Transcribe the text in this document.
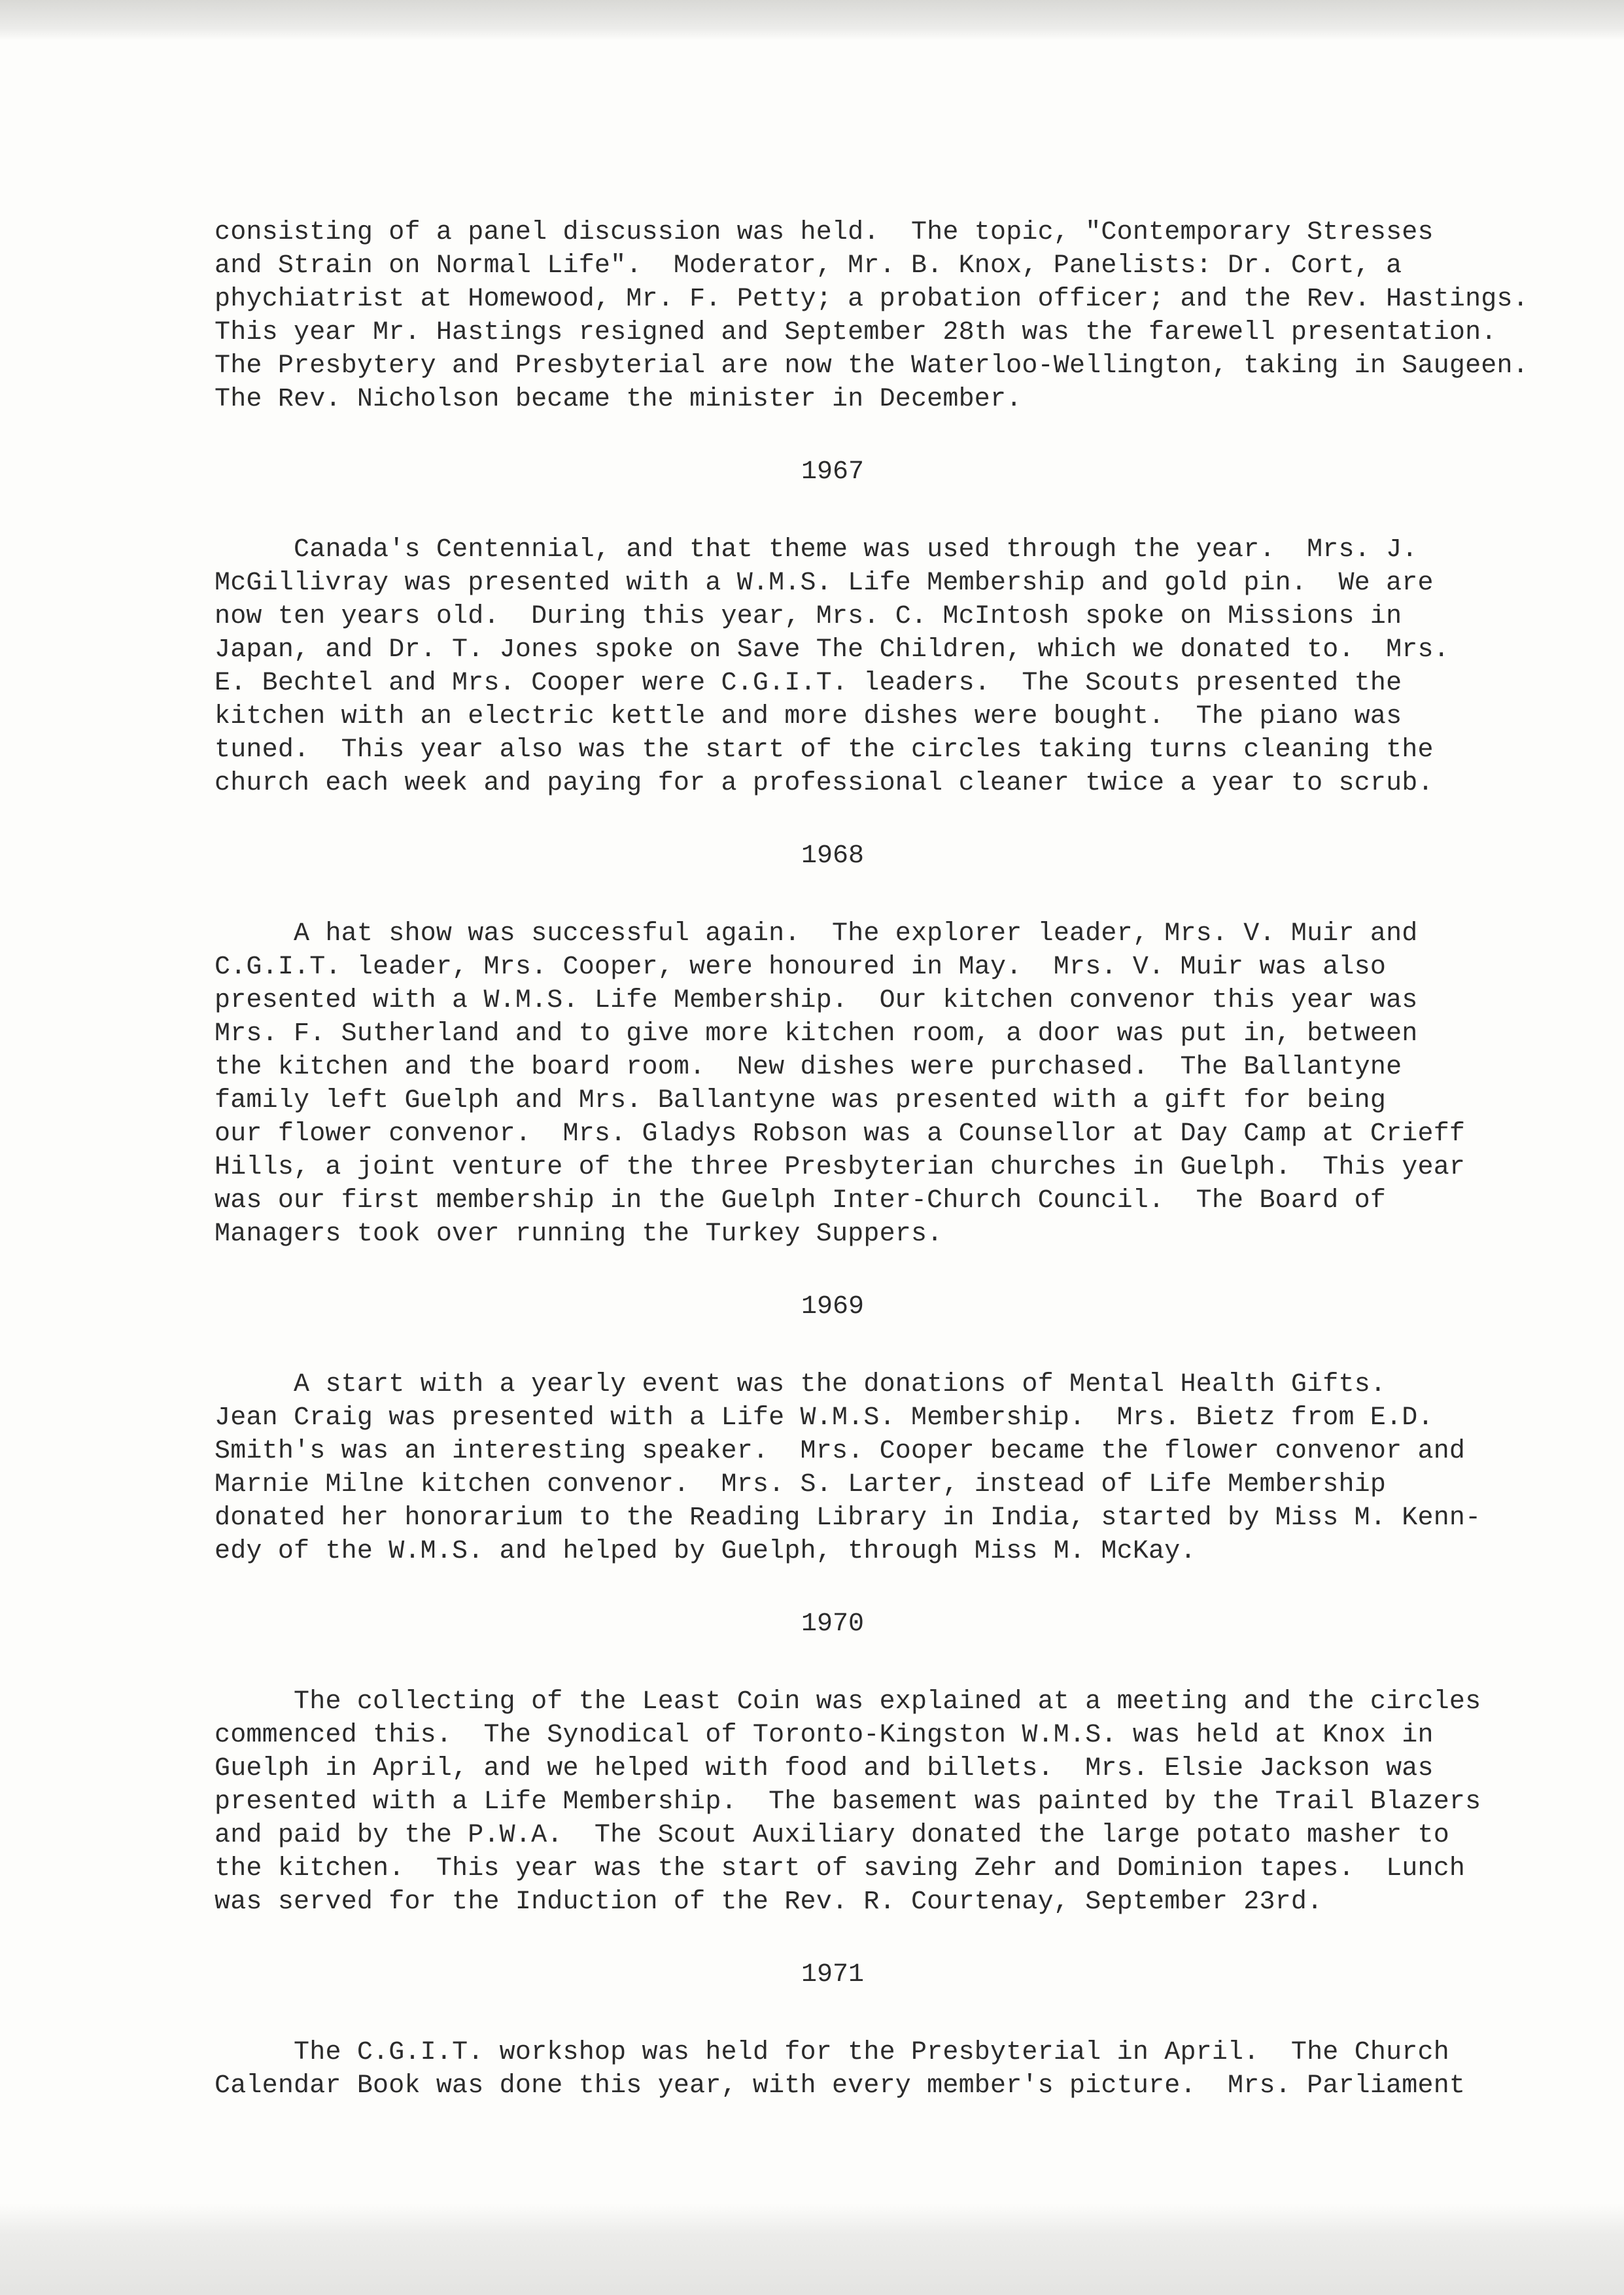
consisting of a panel discussion was held.  The topic, "Contemporary Stresses
and Strain on Normal Life".  Moderator, Mr. B. Knox, Panelists: Dr. Cort, a
phychiatrist at Homewood, Mr. F. Petty; a probation officer; and the Rev. Hastings.
This year Mr. Hastings resigned and September 28th was the farewell presentation.
The Presbytery and Presbyterial are now the Waterloo-Wellington, taking in Saugeen.
The Rev. Nicholson became the minister in December.

1967

Canada's Centennial, and that theme was used through the year.  Mrs. J.
McGillivray was presented with a W.M.S. Life Membership and gold pin.  We are
now ten years old.  During this year, Mrs. C. McIntosh spoke on Missions in
Japan, and Dr. T. Jones spoke on Save The Children, which we donated to.  Mrs.
E. Bechtel and Mrs. Cooper were C.G.I.T. leaders.  The Scouts presented the
kitchen with an electric kettle and more dishes were bought.  The piano was
tuned.  This year also was the start of the circles taking turns cleaning the
church each week and paying for a professional cleaner twice a year to scrub.

1968

A hat show was successful again.  The explorer leader, Mrs. V. Muir and
C.G.I.T. leader, Mrs. Cooper, were honoured in May.  Mrs. V. Muir was also
presented with a W.M.S. Life Membership.  Our kitchen convenor this year was
Mrs. F. Sutherland and to give more kitchen room, a door was put in, between
the kitchen and the board room.  New dishes were purchased.  The Ballantyne
family left Guelph and Mrs. Ballantyne was presented with a gift for being
our flower convenor.  Mrs. Gladys Robson was a Counsellor at Day Camp at Crieff
Hills, a joint venture of the three Presbyterian churches in Guelph.  This year
was our first membership in the Guelph Inter-Church Council.  The Board of
Managers took over running the Turkey Suppers.

1969

A start with a yearly event was the donations of Mental Health Gifts.
Jean Craig was presented with a Life W.M.S. Membership.  Mrs. Bietz from E.D.
Smith's was an interesting speaker.  Mrs. Cooper became the flower convenor and
Marnie Milne kitchen convenor.  Mrs. S. Larter, instead of Life Membership
donated her honorarium to the Reading Library in India, started by Miss M. Kenn-
edy of the W.M.S. and helped by Guelph, through Miss M. McKay.

1970

The collecting of the Least Coin was explained at a meeting and the circles
commenced this.  The Synodical of Toronto-Kingston W.M.S. was held at Knox in
Guelph in April, and we helped with food and billets.  Mrs. Elsie Jackson was
presented with a Life Membership.  The basement was painted by the Trail Blazers
and paid by the P.W.A.  The Scout Auxiliary donated the large potato masher to
the kitchen.  This year was the start of saving Zehr and Dominion tapes.  Lunch
was served for the Induction of the Rev. R. Courtenay, September 23rd.

1971

The C.G.I.T. workshop was held for the Presbyterial in April.  The Church
Calendar Book was done this year, with every member's picture.  Mrs. Parliament
